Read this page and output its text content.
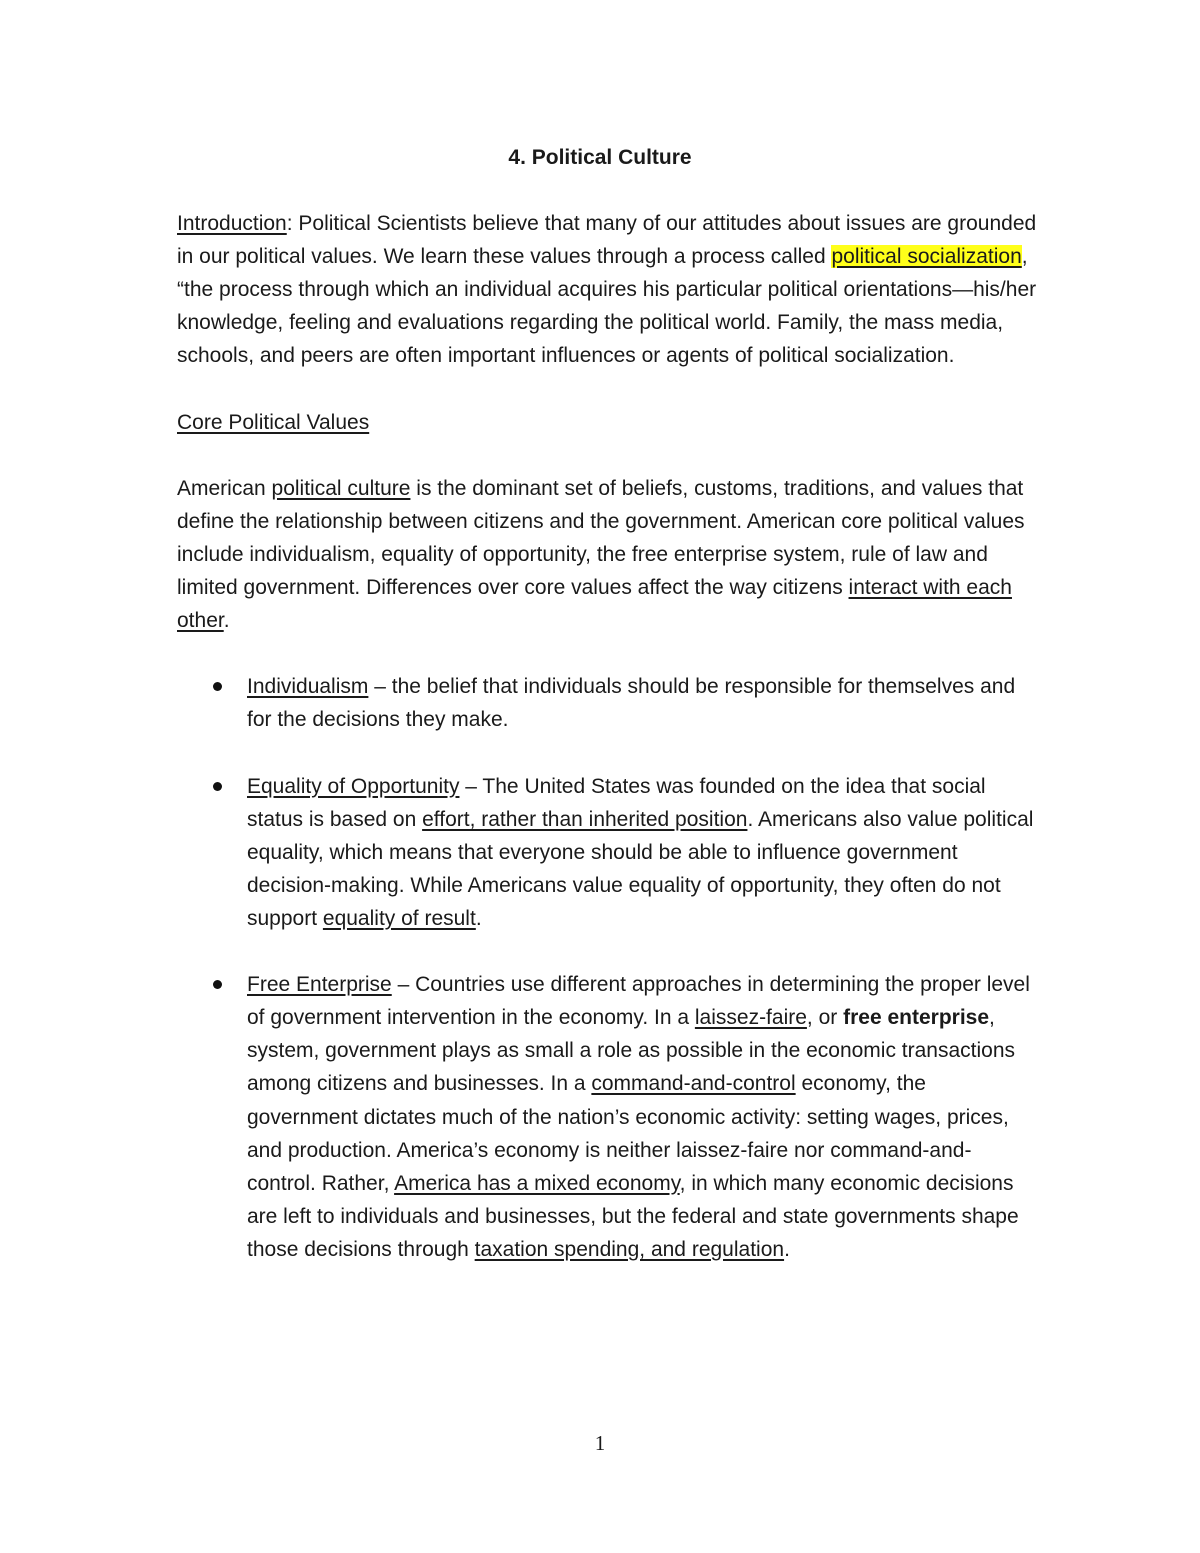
4. Political Culture

Introduction: Political Scientists believe that many of our attitudes about issues are grounded in our political values. We learn these values through a process called political socialization, “the process through which an individual acquires his particular political orientations—his/her knowledge, feeling and evaluations regarding the political world. Family, the mass media, schools, and peers are often important influences or agents of political socialization.

Core Political Values

American political culture is the dominant set of beliefs, customs, traditions, and values that define the relationship between citizens and the government. American core political values include individualism, equality of opportunity, the free enterprise system, rule of law and limited government. Differences over core values affect the way citizens interact with each other.

Individualism – the belief that individuals should be responsible for themselves and for the decisions they make.
Equality of Opportunity – The United States was founded on the idea that social status is based on effort, rather than inherited position. Americans also value political equality, which means that everyone should be able to influence government decision-making. While Americans value equality of opportunity, they often do not support equality of result.
Free Enterprise – Countries use different approaches in determining the proper level of government intervention in the economy. In a laissez-faire, or free enterprise, system, government plays as small a role as possible in the economic transactions among citizens and businesses. In a command-and-control economy, the government dictates much of the nation’s economic activity: setting wages, prices, and production. America’s economy is neither laissez-faire nor command-and-control. Rather, America has a mixed economy, in which many economic decisions are left to individuals and businesses, but the federal and state governments shape those decisions through taxation spending, and regulation.
1
